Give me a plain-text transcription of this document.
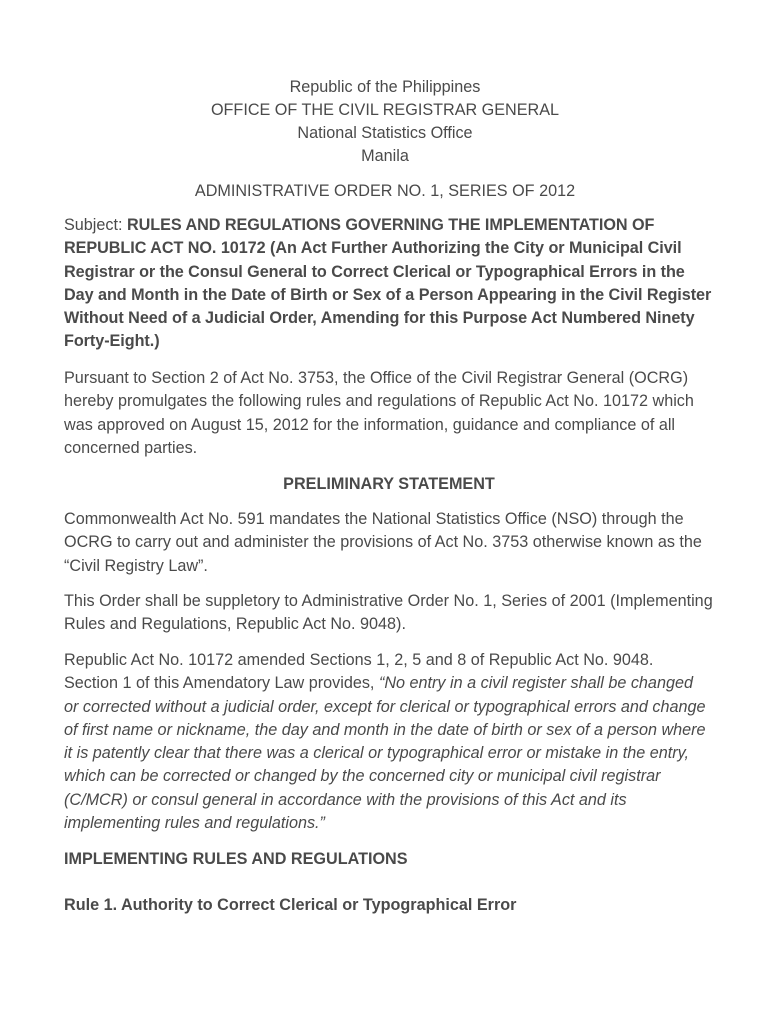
Republic of the Philippines
OFFICE OF THE CIVIL REGISTRAR GENERAL
National Statistics Office
Manila
ADMINISTRATIVE ORDER NO. 1, SERIES OF 2012

Subject: RULES AND REGULATIONS GOVERNING THE IMPLEMENTATION OF REPUBLIC ACT NO. 10172 (An Act Further Authorizing the City or Municipal Civil Registrar or the Consul General to Correct Clerical or Typographical Errors in the Day and Month in the Date of Birth or Sex of a Person Appearing in the Civil Register Without Need of a Judicial Order, Amending for this Purpose Act Numbered Ninety Forty-Eight.)

Pursuant to Section 2 of Act No. 3753, the Office of the Civil Registrar General (OCRG) hereby promulgates the following rules and regulations of Republic Act No. 10172 which was approved on August 15, 2012 for the information, guidance and compliance of all concerned parties.

PRELIMINARY STATEMENT

Commonwealth Act No. 591 mandates the National Statistics Office (NSO) through the OCRG to carry out and administer the provisions of Act No. 3753 otherwise known as the “Civil Registry Law”.

This Order shall be suppletory to Administrative Order No. 1, Series of 2001 (Implementing Rules and Regulations, Republic Act No. 9048).

Republic Act No. 10172 amended Sections 1, 2, 5 and 8 of Republic Act No. 9048. Section 1 of this Amendatory Law provides, “No entry in a civil register shall be changed or corrected without a judicial order, except for clerical or typographical errors and change of first name or nickname, the day and month in the date of birth or sex of a person where it is patently clear that there was a clerical or typographical error or mistake in the entry, which can be corrected or changed by the concerned city or municipal civil registrar (C/MCR) or consul general in accordance with the provisions of this Act and its implementing rules and regulations.”

IMPLEMENTING RULES AND REGULATIONS

Rule 1. Authority to Correct Clerical or Typographical Error
